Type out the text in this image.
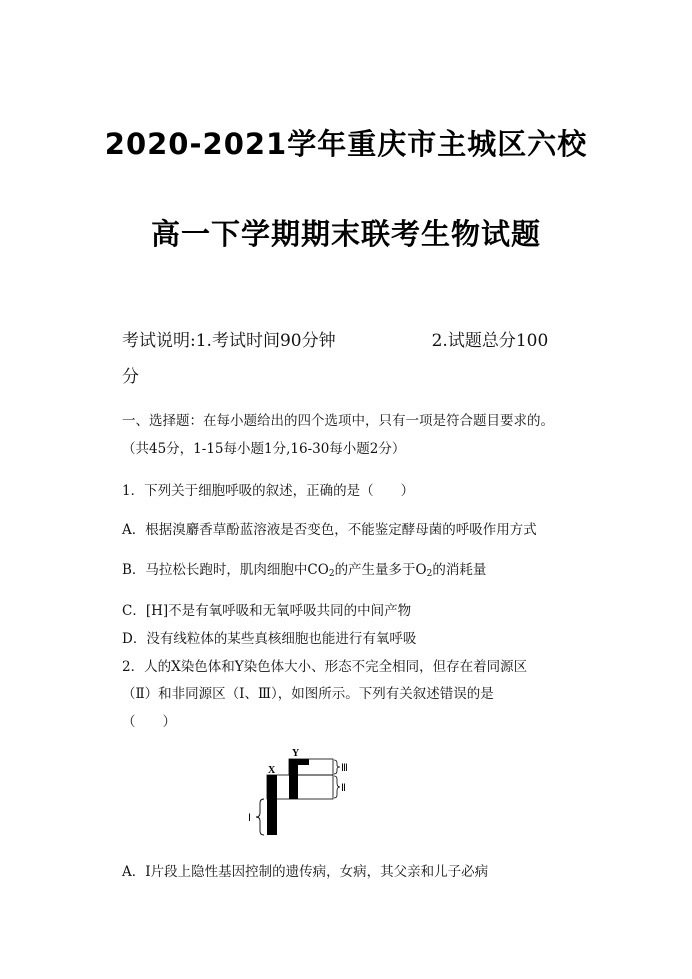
2020-2021学年重庆市主城区六校
高一下学期期末联考生物试题
考试说明:1.考试时间90分钟	2.试题总分100
分
一、选择题：在每小题给出的四个选项中，只有一项是符合题目要求的。
（共45分，1-15每小题1分,16-30每小题2分）
1．下列关于细胞呼吸的叙述，正确的是（　　）
A．根据溴麝香草酚蓝溶液是否变色，不能鉴定酵母菌的呼吸作用方式
B．马拉松长跑时，肌肉细胞中$CO_2$的产生量多于$O_2$的消耗量
C．[H]不是有氧呼吸和无氧呼吸共同的中间产物
D．没有线粒体的某些真核细胞也能进行有氧呼吸
2．人的X染色体和Y染色体大小、形态不完全相同，但存在着同源区
（Ⅱ）和非同源区（Ⅰ、Ⅲ），如图所示。下列有关叙述错误的是
（　　）
X
Y
Ⅲ
Ⅱ
Ⅰ
A．Ⅰ片段上隐性基因控制的遗传病，女病，其父亲和儿子必病
